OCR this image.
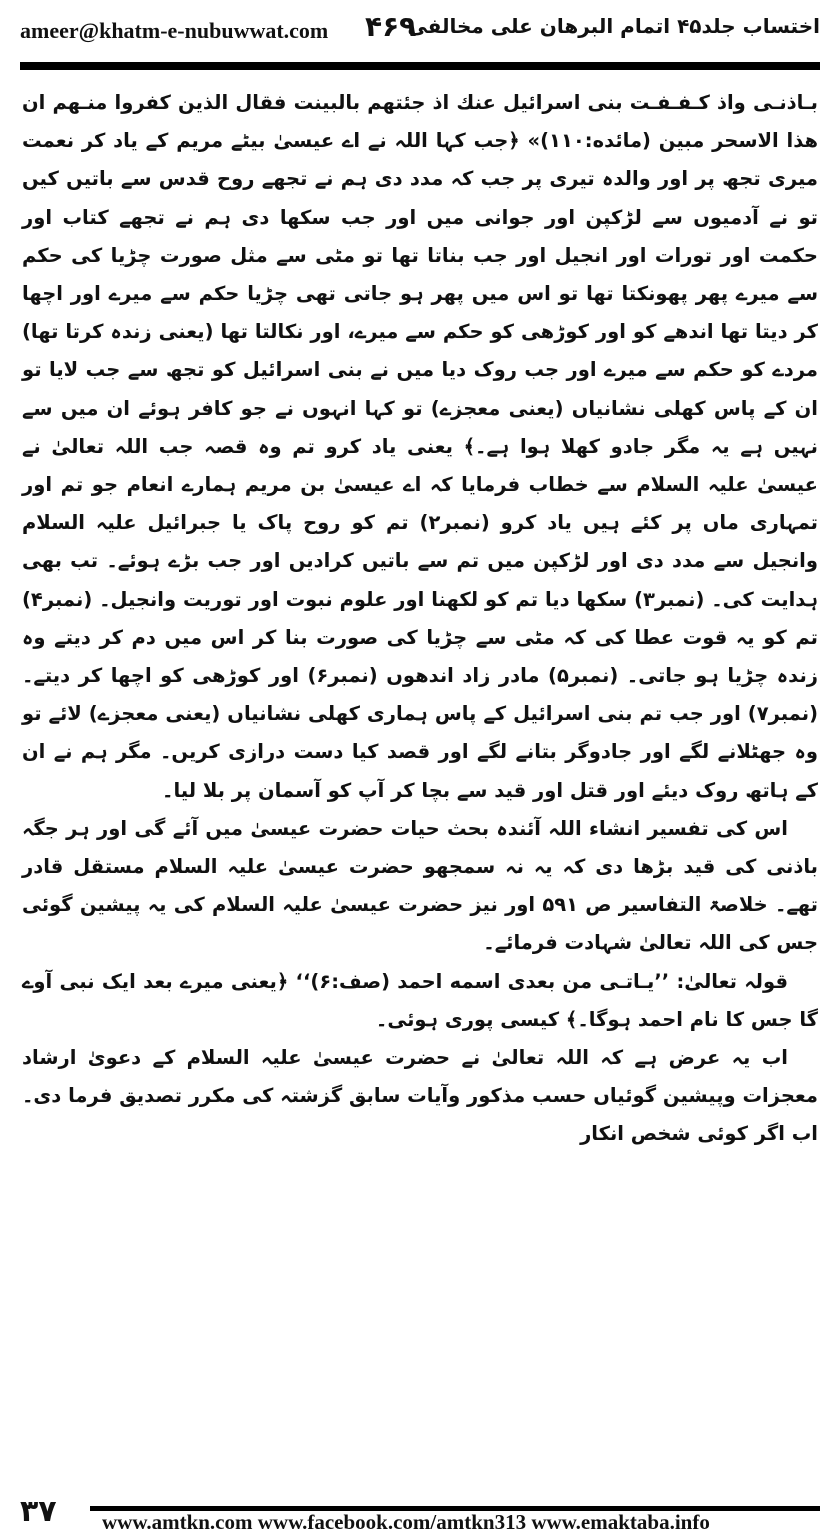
ameer@khatm-e-nubuwwat.com ۴۶۹
اختساب جلد۴۵ اتمام البرهان علی مخالفی

بـاذنـی واذ کـفـفـت بنی اسرائیل عنك اذ جئتهم بالبینت فقال الذین کفروا منـهم ان هذا الاسحر مبین (مائده:۱۱۰)» ﴿جب کہا اللہ نے اے عیسیٰ بیٹے مریم کے یاد کر نعمت میری تجھ پر اور والدہ تیری پر جب کہ مدد دی ہم نے تجھے روح قدس سے باتیں کیں تو نے آدمیوں سے لڑکپن اور جوانی میں اور جب سکھا دی ہم نے تجھے کتاب اور حکمت اور تورات اور انجیل اور جب بناتا تھا تو مٹی سے مثل صورت چڑیا کی حکم سے میرے پھر پھونکتا تھا تو اس میں پھر ہو جاتی تھی چڑیا حکم سے میرے اور اچھا کر دیتا تھا اندھے کو اور کوڑھی کو حکم سے میرے، اور نکالتا تھا (یعنی زندہ کرتا تھا) مردے کو حکم سے میرے اور جب روک دیا میں نے بنی اسرائیل کو تجھ سے جب لایا تو ان کے پاس کھلی نشانیاں (یعنی معجزے) تو کہا انہوں نے جو کافر ہوئے ان میں سے نہیں ہے یہ مگر جادو کھلا ہوا ہے۔﴾ یعنی یاد کرو تم وہ قصہ جب اللہ تعالیٰ نے عیسیٰ علیہ السلام سے خطاب فرمایا کہ اے عیسیٰ بن مریم ہمارے انعام جو تم اور تمہاری ماں پر کئے ہیں یاد کرو (نمبر۲) تم کو روح پاک یا جبرائیل علیہ السلام وانجیل سے مدد دی اور لڑکپن میں تم سے باتیں کرادیں اور جب بڑے ہوئے۔ تب بھی ہدایت کی۔ (نمبر۳) سکھا دیا تم کو لکھنا اور علوم نبوت اور توریت وانجیل۔ (نمبر۴) تم کو یہ قوت عطا کی کہ مٹی سے چڑیا کی صورت بنا کر اس میں دم کر دیتے وہ زندہ چڑیا ہو جاتی۔ (نمبر۵) مادر زاد اندھوں (نمبر۶) اور کوڑھی کو اچھا کر دیتے۔ (نمبر۷) اور جب تم بنی اسرائیل کے پاس ہماری کھلی نشانیاں (یعنی معجزے) لائے تو وہ جھٹلانے لگے اور جادوگر بتانے لگے اور قصد کیا دست درازی کریں۔ مگر ہم نے ان کے ہاتھ روک دیئے اور قتل اور قید سے بچا کر آپ کو آسمان پر بلا لیا۔

اس کی تفسیر انشاء اللہ آئندہ بحث حیات حضرت عیسیٰ میں آئے گی اور ہر جگہ باذنی کی قید بڑھا دی کہ یہ نہ سمجھو حضرت عیسیٰ علیہ السلام مستقل قادر تھے۔ خلاصۃ التفاسیر ص ۵۹۱ اور نیز حضرت عیسیٰ علیہ السلام کی یہ پیشین گوئی جس کی اللہ تعالیٰ شہادت فرمائے۔

قولہ تعالیٰ: ’’یـاتـی من بعدی اسمه احمد (صف:۶)‘‘ ﴿یعنی میرے بعد ایک نبی آوے گا جس کا نام احمد ہوگا۔﴾ کیسی پوری ہوئی۔

اب یہ عرض ہے کہ اللہ تعالیٰ نے حضرت عیسیٰ علیہ السلام کے دعویٰ ارشاد معجزات وپیشین گوئیاں حسب مذکور وآیات سابق گزشتہ کی مکرر تصدیق فرما دی۔ اب اگر کوئی شخص انکار

۳۷ www.amtkn.com www.facebook.com/amtkn313 www.emaktaba.info
